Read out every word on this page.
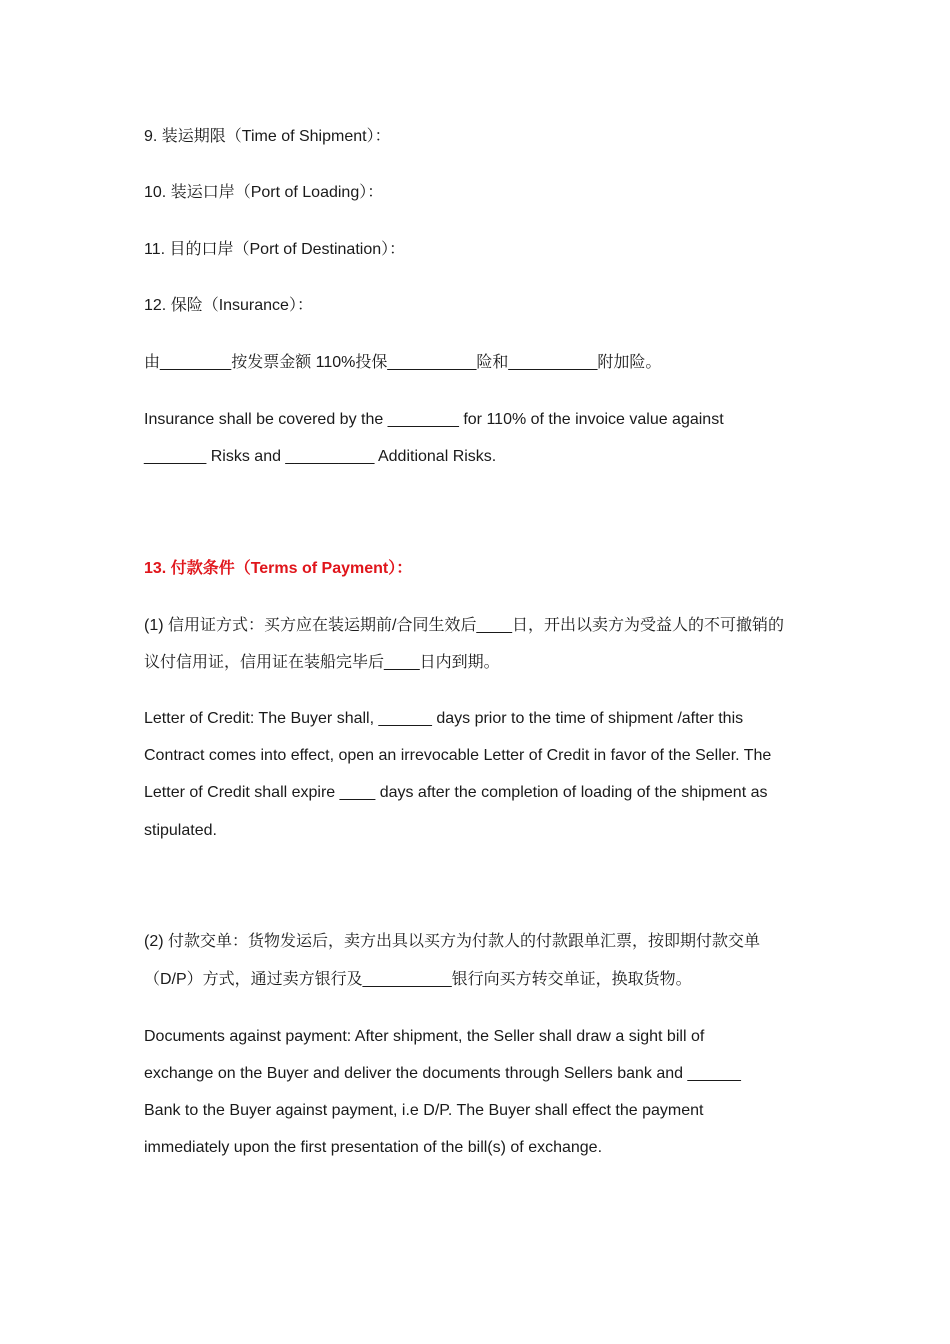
9. 装运期限（Time of Shipment）：
10. 装运口岸（Port of Loading）：
11. 目的口岸（Port of Destination）：
12. 保险（Insurance）：
由________按发票金额 110%投保__________险和__________附加险。
Insurance shall be covered by the ________ for 110% of the invoice value against
_______ Risks and __________ Additional Risks.
13. 付款条件（Terms of Payment）：
(1) 信用证方式：买方应在装运期前/合同生效后____日，开出以卖方为受益人的不可撤销的
议付信用证，信用证在装船完毕后____日内到期。
Letter of Credit: The Buyer shall, ______ days prior to the time of shipment /after this
Contract comes into effect, open an irrevocable Letter of Credit in favor of the Seller. The
Letter of Credit shall expire ____ days after the completion of loading of the shipment as
stipulated.
(2) 付款交单：货物发运后，卖方出具以买方为付款人的付款跟单汇票，按即期付款交单
（D/P）方式，通过卖方银行及__________银行向买方转交单证，换取货物。
Documents against payment: After shipment, the Seller shall draw a sight bill of
exchange on the Buyer and deliver the documents through Sellers bank and ______
Bank to the Buyer against payment, i.e D/P. The Buyer shall effect the payment
immediately upon the first presentation of the bill(s) of exchange.
